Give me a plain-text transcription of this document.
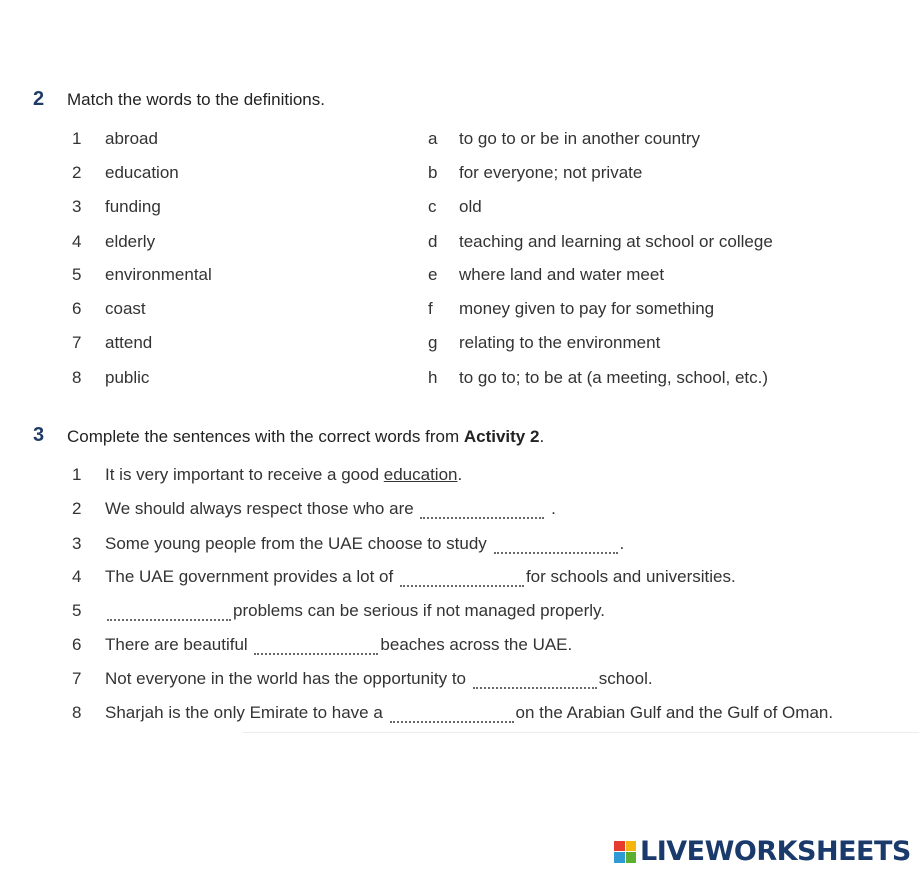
2 Match the words to the definitions.
1 abroad	a to go to or be in another country
2 education	b for everyone; not private
3 funding	c old
4 elderly	d teaching and learning at school or college
5 environmental	e where land and water meet
6 coast	f money given to pay for something
7 attend	g relating to the environment
8 public	h to go to; to be at (a meeting, school, etc.)
3 Complete the sentences with the correct words from Activity 2.
1 It is very important to receive a good education.
2 We should always respect those who are	.
3 Some young people from the UAE choose to study	.
4 The UAE government provides a lot of	for schools and universities.
5	problems can be serious if not managed properly.
6 There are beautiful	beaches across the UAE.
7 Not everyone in the world has the opportunity to	school.
8 Sharjah is the only Emirate to have a	on the Arabian Gulf and the Gulf of Oman.
LIVEWORKSHEETS
